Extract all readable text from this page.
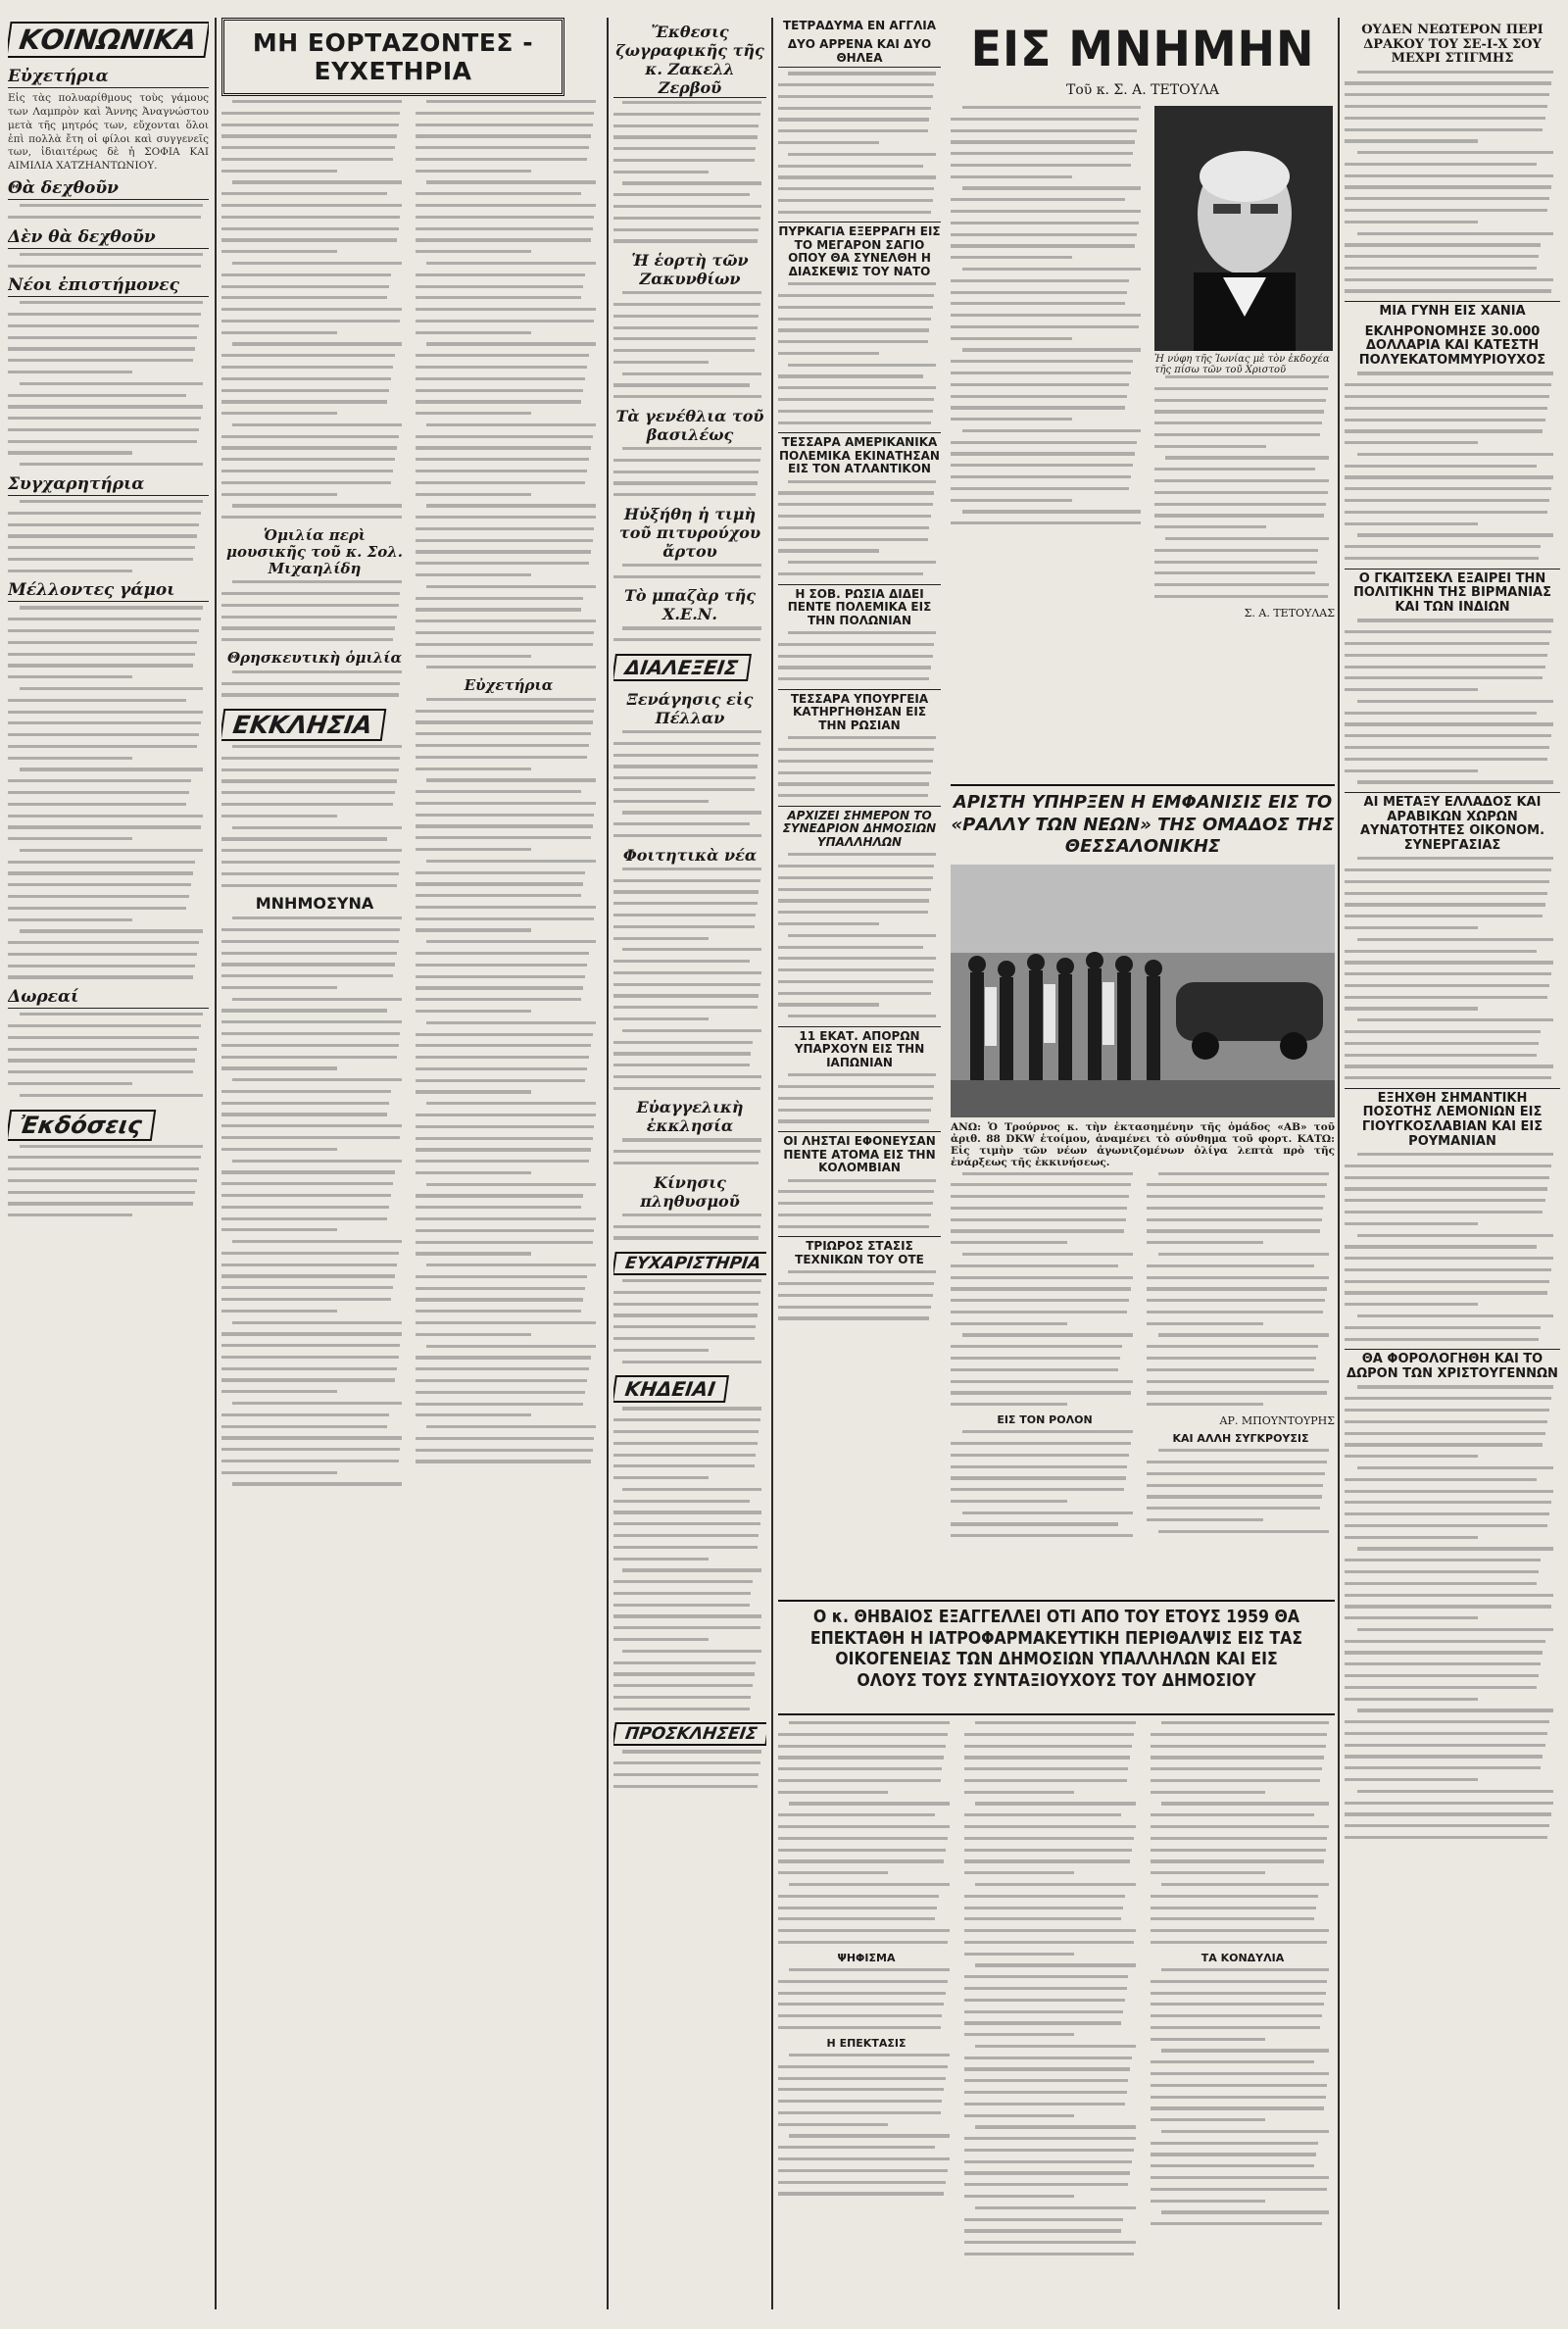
ΚΟΙΝΩΝΙΚΑ
Εὐχετήρια
Εἰς τὰς πολυαρίθμους τοὺς γάμους των Λαμπρὸν καὶ Ἄννης Ἀναγνώστου μετὰ τῆς μητρός των, εὔχονται ὅλοι ἐπὶ πολλὰ ἔτη οἱ φίλοι καὶ συγγενεῖς των, ἰδιαιτέρως δὲ ἡ ΣΟΦΙΑ ΚΑΙ ΑΙΜΙΛΙΑ ΧΑΤΖΗΑΝΤΩΝΙΟΥ.
Θὰ δεχθοῦν
Δὲν θὰ δεχθοῦν
Νέοι ἐπιστήμονες
Συγχαρητήρια
Μέλλοντες γάμοι
Δωρεαί
Ἐκδόσεις
ΜΗ ΕΟΡΤΑΖΟΝΤΕΣ - ΕΥΧΕΤΗΡΙΑ
Ὁμιλία περὶ μουσικῆς τοῦ κ. Σολ. Μιχαηλίδη
Θρησκευτικὴ ὁμιλία
ΕΚΚΛΗΣΙΑ
ΜΝΗΜΟΣΥΝΑ
Εὐχετήρια
Ἔκθεσις ζωγραφικῆς τῆς κ. Ζακελλ Ζερβοῦ
Ἡ ἑορτὴ τῶν Ζακυνθίων
Τὰ γενέθλια τοῦ βασιλέως
Ηὐξήθη ἡ τιμὴ τοῦ πιτυρούχου ἄρτου
Τὸ μπαζὰρ τῆς Χ.Ε.Ν.
ΔΙΑΛΕΞΕΙΣ
Ξενάγησις εἰς Πέλλαν
Φοιτητικὰ νέα
Εὐαγγελικὴ ἐκκλησία
Κίνησις πληθυσμοῦ
ΕΥΧΑΡΙΣΤΗΡΙΑ
ΚΗΔΕΙΑΙ
ΠΡΟΣΚΛΗΣΕΙΣ
ΤΕΤΡΑΔΥΜΑ ΕΝ ΑΓΓΛΙΑ
ΔΥΟ ΑΡΡΕΝΑ ΚΑΙ ΔΥΟ ΘΗΛΕΑ
ΠΥΡΚΑΓΙΑ ΕΞΕΡΡΑΓΗ ΕΙΣ ΤΟ ΜΕΓΑΡΟΝ ΣΑΓΙΟ ΟΠΟΥ ΘΑ ΣΥΝΕΛΘΗ Η ΔΙΑΣΚΕΨΙΣ ΤΟΥ ΝΑΤΟ
ΤΕΣΣΑΡΑ ΑΜΕΡΙΚΑΝΙΚΑ ΠΟΛΕΜΙΚΑ ΕΚΙΝΑΤΗΣΑΝ ΕΙΣ ΤΟΝ ΑΤΛΑΝΤΙΚΟΝ
Η ΣΟΒ. ΡΩΣΙΑ ΔΙΔΕΙ ΠΕΝΤΕ ΠΟΛΕΜΙΚΑ ΕΙΣ ΤΗΝ ΠΟΛΩΝΙΑΝ
ΤΕΣΣΑΡΑ ΥΠΟΥΡΓΕΙΑ ΚΑΤΗΡΓΗΘΗΣΑΝ ΕΙΣ ΤΗΝ ΡΩΣΙΑΝ
ΑΡΧΙΖΕΙ ΣΗΜΕΡΟΝ ΤΟ ΣΥΝΕΔΡΙΟΝ ΔΗΜΟΣΙΩΝ ΥΠΑΛΛΗΛΩΝ
11 ΕΚΑΤ. ΑΠΟΡΩΝ ΥΠΑΡΧΟΥΝ ΕΙΣ ΤΗΝ ΙΑΠΩΝΙΑΝ
ΟΙ ΛΗΣΤΑΙ ΕΦΟΝΕΥΣΑΝ ΠΕΝΤΕ ΑΤΟΜΑ ΕΙΣ ΤΗΝ ΚΟΛΟΜΒΙΑΝ
ΤΡΙΩΡΟΣ ΣΤΑΣΙΣ ΤΕΧΝΙΚΩΝ ΤΟΥ ΟΤΕ
ΕΙΣ ΜΝΗΜΗΝ
Τοῦ κ. Σ. Α. ΤΕΤΟΥΛΑ
Ἡ νύφη τῆς Ἰωνίας μὲ τὸν ἐκδοχέα τῆς πίσω τῶν τοῦ Χριστοῦ
Σ. Α. ΤΕΤΟΥΛΑΣ
ΑΡΙΣΤΗ ΥΠΗΡΞΕΝ Η ΕΜΦΑΝΙΣΙΣ ΕΙΣ ΤΟ «ΡΑΛΛΥ ΤΩΝ ΝΕΩΝ» ΤΗΣ ΟΜΑΔΟΣ ΤΗΣ ΘΕΣΣΑΛΟΝΙΚΗΣ
ΑΝΩ: Ὁ Τρούρνος κ. τὴν ἐκτασημένην τῆς ὁμάδος «ΑΒ» τοῦ ἀριθ. 88 DKW ἑτοίμου, ἀναμένει τὸ σύνθημα τοῦ φορτ. ΚΑΤΩ: Εἰς τιμὴν τῶν νέων ἀγωνιζομένων ὀλίγα λεπτὰ πρὸ τῆς ἐνάρξεως τῆς ἐκκινήσεως.
ΕΙΣ ΤΟΝ ΡΟΛΟΝ	ΑΡ. ΜΠΟΥΝΤΟΥΡΗΣ
ΚΑΙ ΑΛΛΗ ΣΥΓΚΡΟΥΣΙΣ
Ο κ. ΘΗΒΑΙΟΣ ΕΞΑΓΓΕΛΛΕΙ ΟΤΙ ΑΠΟ ΤΟΥ ΕΤΟΥΣ 1959 ΘΑ ΕΠΕΚΤΑΘΗ Η ΙΑΤΡΟΦΑΡΜΑΚΕΥΤΙΚΗ ΠΕΡΙΘΑΛΨΙΣ ΕΙΣ ΤΑΣ ΟΙΚΟΓΕΝΕΙΑΣ ΤΩΝ ΔΗΜΟΣΙΩΝ ΥΠΑΛΛΗΛΩΝ ΚΑΙ ΕΙΣ ΟΛΟΥΣ ΤΟΥΣ ΣΥΝΤΑΞΙΟΥΧΟΥΣ ΤΟΥ ΔΗΜΟΣΙΟΥ
ΨΗΦΙΣΜΑ
Η ΕΠΕΚΤΑΣΙΣ
ΤΑ ΚΟΝΔΥΛΙΑ
ΟΥΔΕΝ ΝΕΩΤΕΡΟΝ ΠΕΡΙ ΔΡΑΚΟΥ ΤΟΥ ΣΕ-Ι-Χ ΣΟΥ ΜΕΧΡΙ ΣΤΙΓΜΗΣ
ΜΙΑ ΓΥΝΗ ΕΙΣ ΧΑΝΙΑ
ΕΚΛΗΡΟΝΟΜΗΣΕ 30.000 ΔΟΛΛΑΡΙΑ ΚΑΙ ΚΑΤΕΣΤΗ ΠΟΛΥΕΚΑΤΟΜΜΥΡΙΟΥΧΟΣ
Ο ΓΚΑΙΤΣΕΚΛ ΕΞΑΙΡΕΙ ΤΗΝ ΠΟΛΙΤΙΚΗΝ ΤΗΣ ΒΙΡΜΑΝΙΑΣ ΚΑΙ ΤΩΝ ΙΝΔΙΩΝ
ΑΙ ΜΕΤΑΞΥ ΕΛΛΑΔΟΣ ΚΑΙ ΑΡΑΒΙΚΩΝ ΧΩΡΩΝ ΑΥΝΑΤΟΤΗΤΕΣ ΟΙΚΟΝΟΜ. ΣΥΝΕΡΓΑΣΙΑΣ
ΕΞΗΧΘΗ ΣΗΜΑΝΤΙΚΗ ΠΟΣΟΤΗΣ ΛΕΜΟΝΙΩΝ ΕΙΣ ΓΙΟΥΓΚΟΣΛΑΒΙΑΝ ΚΑΙ ΕΙΣ ΡΟΥΜΑΝΙΑΝ
ΘΑ ΦΟΡΟΛΟΓΗΘΗ ΚΑΙ ΤΟ ΔΩΡΟΝ ΤΩΝ ΧΡΙΣΤΟΥΓΕΝΝΩΝ
